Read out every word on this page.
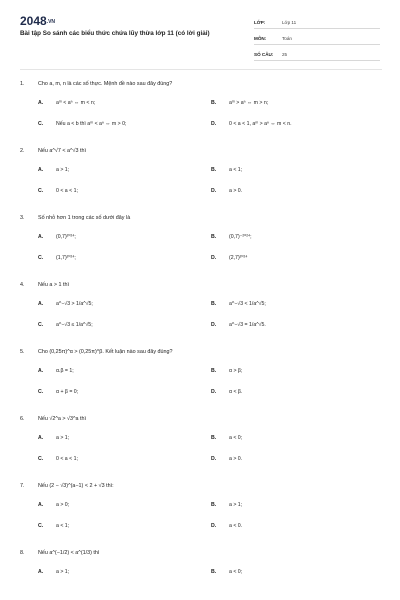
2048.VN
Bài tập So sánh các biểu thức chứa lũy thừa lớp 11 (có lời giải)
LỚP:	Lớp 11
MÔN:	Toán
SỐ CÂU:	25
1.	Cho a, m, n là các số thực. Mệnh đề nào sau đây đúng?
A.	aᵐ < aⁿ ⇔ m < n;	B.	aᵐ > aⁿ ⇔ m > n;
C.	Nếu a < b thì aᵐ < aⁿ ⇔ m > 0;	D.	0 < a < 1, aᵐ > aⁿ ⇔ m < n.
2.	Nếu a^√7 < a^√3 thì
A.	a > 1;	B.	a < 1;
C.	0 < a < 1;	D.	a > 0.
3.	Số nhỏ hơn 1 trong các số dưới đây là
A.	(0,7)²⁰²⁴;	B.	(0,7)⁻²⁰²⁴;
C.	(1,7)²⁰²⁴;	D.	(2,7)²⁰²⁴
4.	Nếu a > 1 thì
A.	a^−√3 > 1/a^√5;	B.	a^−√3 < 1/a^√5;
C.	a^−√3 ≤ 1/a^√5;	D.	a^−√3 = 1/a^√5.
5.	Cho (0,25π)^α > (0,25π)^β. Kết luận nào sau đây đúng?
A.	α.β = 1;	B.	α > β;
C.	α + β = 0;	D.	α < β.
6.	Nếu √2^a > √3^a thì
A.	a > 1;	B.	a < 0;
C.	0 < a < 1;	D.	a > 0.
7.	Nếu (2 − √3)^(a−1) < 2 + √3 thì:
A.	a > 0;	B.	a > 1;
C.	a < 1;	D.	a < 0.
8.	Nếu a^(−1/2) < a^(1/3) thì
A.	a > 1;	B.	a < 0;
